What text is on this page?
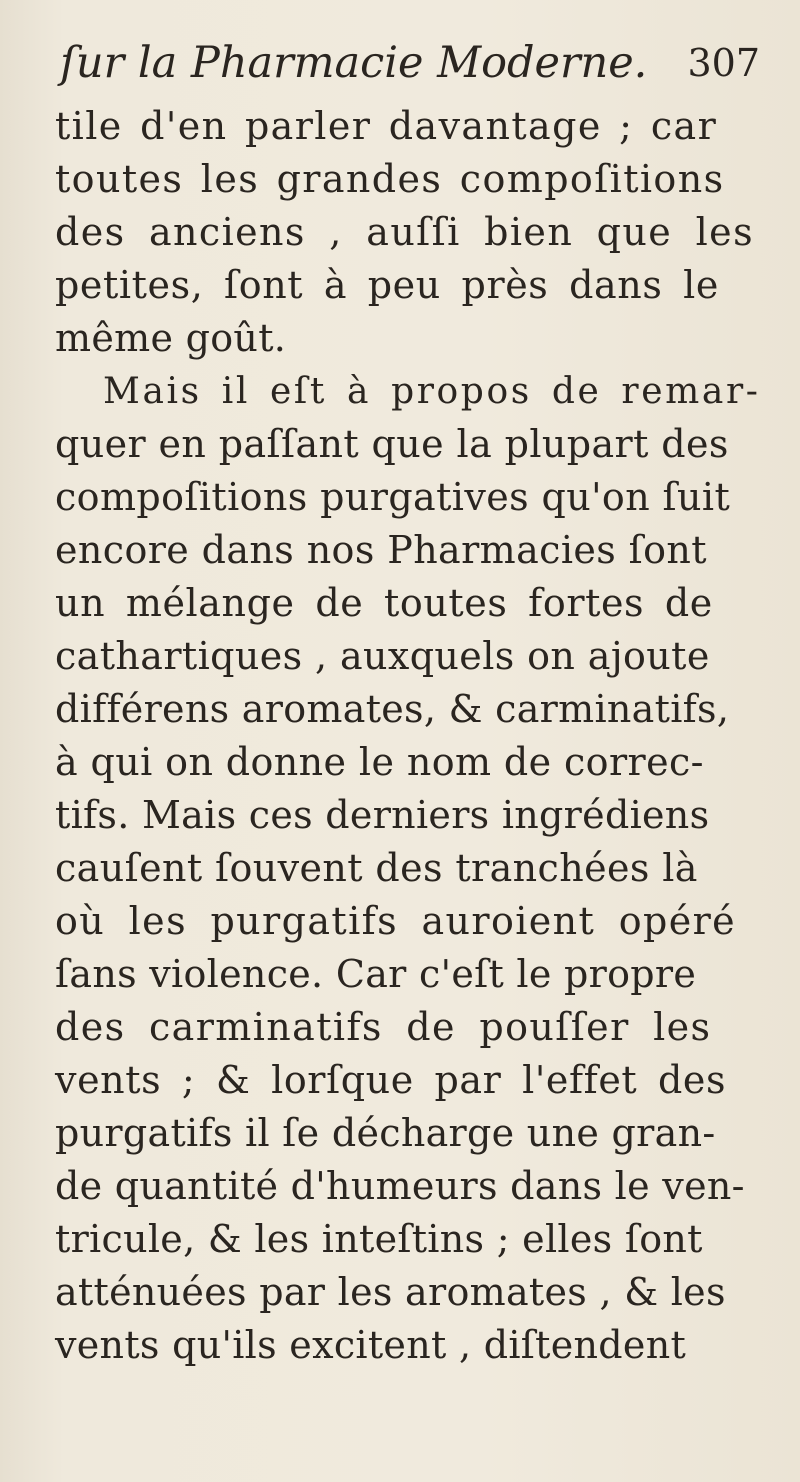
ſur la Pharmacie Moderne. 307
tile d'en parler davantage ; car
toutes les grandes compoſitions
des anciens , auſſi bien que les
petites, ſont à peu près dans le
même goût.
Mais il eſt à propos de remar-
quer en paſſant que la plupart des
compoſitions purgatives qu'on ſuit
encore dans nos Pharmacies ſont
un mélange de toutes fortes de
cathartiques , auxquels on ajoute
différens aromates, & carminatifs,
à qui on donne le nom de correc-
tifs. Mais ces derniers ingrédiens
cauſent ſouvent des tranchées là
où les purgatifs auroient opéré
ſans violence. Car c'eſt le propre
des carminatifs de pouſſer les
vents ; & lorſque par l'effet des
purgatifs il ſe décharge une gran-
de quantité d'humeurs dans le ven-
tricule, & les inteſtins ; elles ſont
atténuées par les aromates , & les
vents qu'ils excitent , diſtendent
